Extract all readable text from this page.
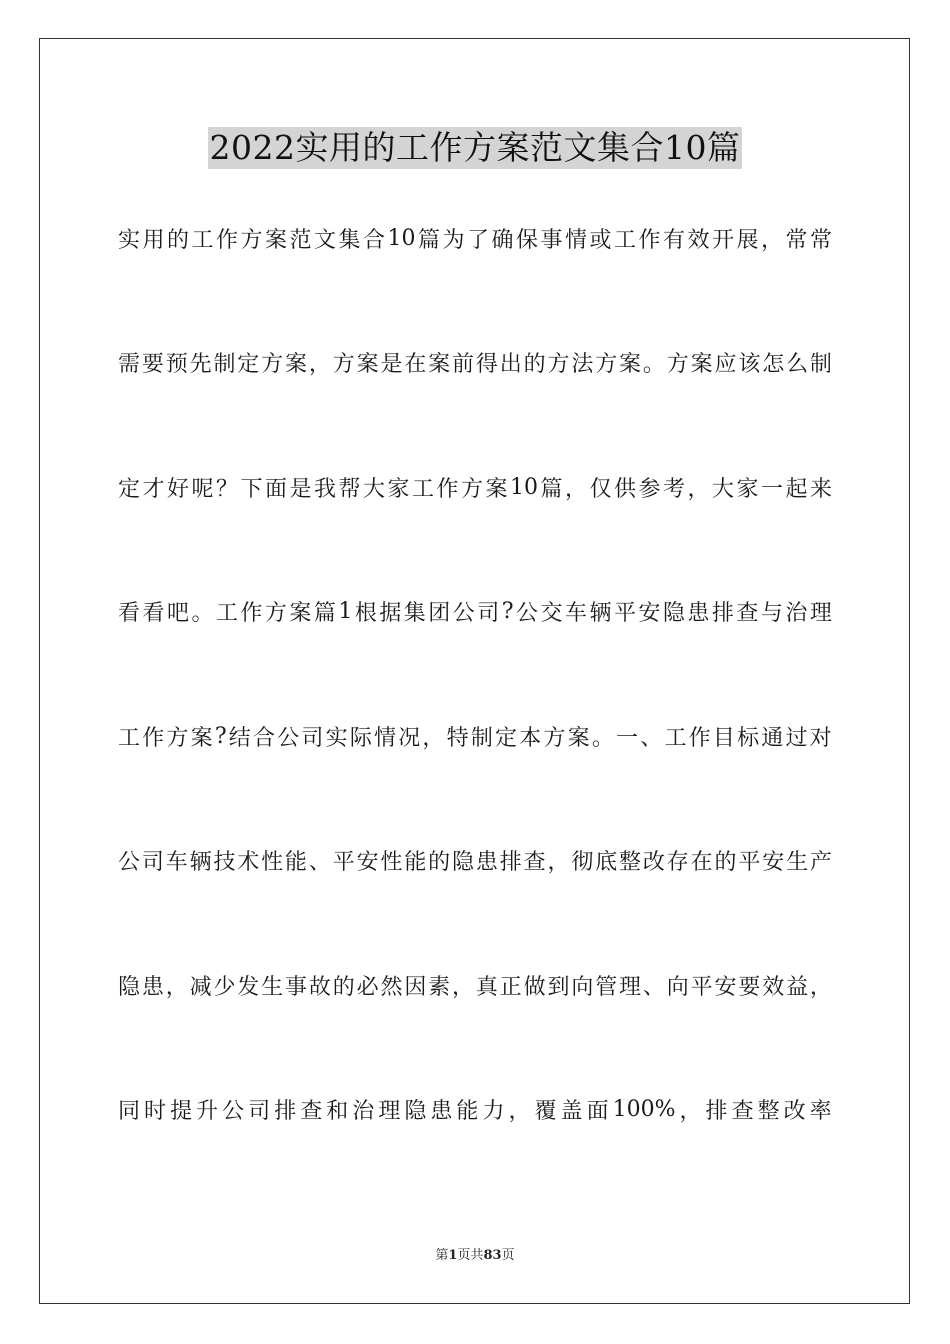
2022实用的工作方案范文集合10篇
实 用 的 工 作 方 案 范 文 集 合 10 篇 为 了 确 保 事 情 或 工 作 有 效 开 展 ， 常 常
需 要 预 先 制 定 方 案 ， 方 案 是 在 案 前 得 出 的 方 法 方 案 。 方 案 应 该 怎 么 制
定 才 好 呢 ？ 下 面 是 我 帮 大 家 工 作 方 案 10 篇 ， 仅 供 参 考 ， 大 家 一 起 来
看 看 吧 。 工 作 方 案 篇 1 根 据 集 团 公 司 ? 公 交 车 辆 平 安 隐 患 排 查 与 治 理
工 作 方 案 ? 结 合 公 司 实 际 情 况 ， 特 制 定 本 方 案 。 一 、 工 作 目 标 通 过 对
公 司 车 辆 技 术 性 能 、 平 安 性 能 的 隐 患 排 查 ， 彻 底 整 改 存 在 的 平 安 生 产
隐 患 ， 减 少 发 生 事 故 的 必 然 因 素 ， 真 正 做 到 向 管 理 、 向 平 安 要 效 益 ，
同 时 提 升 公 司 排 查 和 治 理 隐 患 能 力 ， 覆 盖 面 100% ， 排 查 整 改 率
第1页共83页
